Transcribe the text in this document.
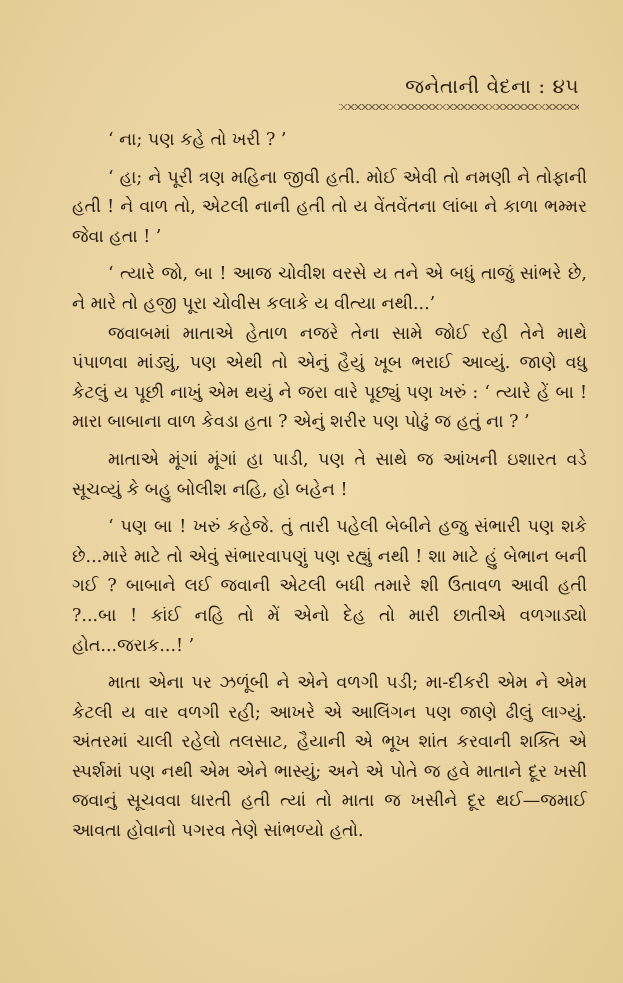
જનેતાની વેદના : ૪૫

‘ ના; પણ કહે તો ખરી ? ’

‘ હા; ને પૂરી ત્રણ મહિના જીવી હતી. મોઈ એવી તો નમણી ને તોફાની હતી ! ને વાળ તો, એટલી નાની હતી તો ય વેંતવેંતના લાંબા ને કાળા ભમ્મર જેવા હતા ! ’

‘ ત્યારે જો, બા ! આજ ચોવીશ વરસે ય તને એ બધું તાજું સાંભરે છે, ને મારે તો હજી પૂરા ચોવીસ કલાકે ય વીત્યા નથી...’

જવાબમાં માતાએ હેતાળ નજરે તેના સામે જોઈ રહી તેને માથે પંપાળવા માંડ્યું, પણ એથી તો એનું હૈયું ખૂબ ભરાઈ આવ્યું. જાણે વધુ કેટલું ય પૂછી નાખું એમ થયું ને જરા વારે પૂછ્યું પણ ખરું : ‘ ત્યારે હેં બા ! મારા બાબાના વાળ કેવડા હતા ? એનું શરીર પણ પોઢું જ હતું ના ? ’

માતાએ મૂંગાં મૂંગાં હા પાડી, પણ તે સાથે જ આંખની ઇશારત વડે સૂચવ્યું કે બહુ બોલીશ નહિ, હો બહેન !

‘ પણ બા ! ખરું કહેજે. તું તારી પહેલી બેબીને હજુ સંભારી પણ શકે છે...મારે માટે તો એવું સંભારવાપણું પણ રહ્યું નથી ! શા માટે હું બેભાન બની ગઈ ? બાબાને લઈ જવાની એટલી બધી તમારે શી ઉતાવળ આવી હતી ?...બા ! કાંઈ નહિ તો મેં એનો દેહ તો મારી છાતીએ વળગાડ્યો હોત...જરાક...! ’

માતા એના પર ઝળૂંબી ને એને વળગી પડી; મા-દીકરી એમ ને એમ કેટલી ય વાર વળગી રહી; આખરે એ આલિંગન પણ જાણે ઢીલું લાગ્યું. અંતરમાં ચાલી રહેલો તલસાટ, હૈયાની એ ભૂખ શાંત કરવાની શક્તિ એ સ્પર્શમાં પણ નથી એમ એને ભાસ્યું; અને એ પોતે જ હવે માતાને દૂર ખસી જવાનું સૂચવવા ધારતી હતી ત્યાં તો માતા જ ખસીને દૂર થઈ—જમાઈ આવતા હોવાનો પગરવ તેણે સાંભળ્યો હતો.
